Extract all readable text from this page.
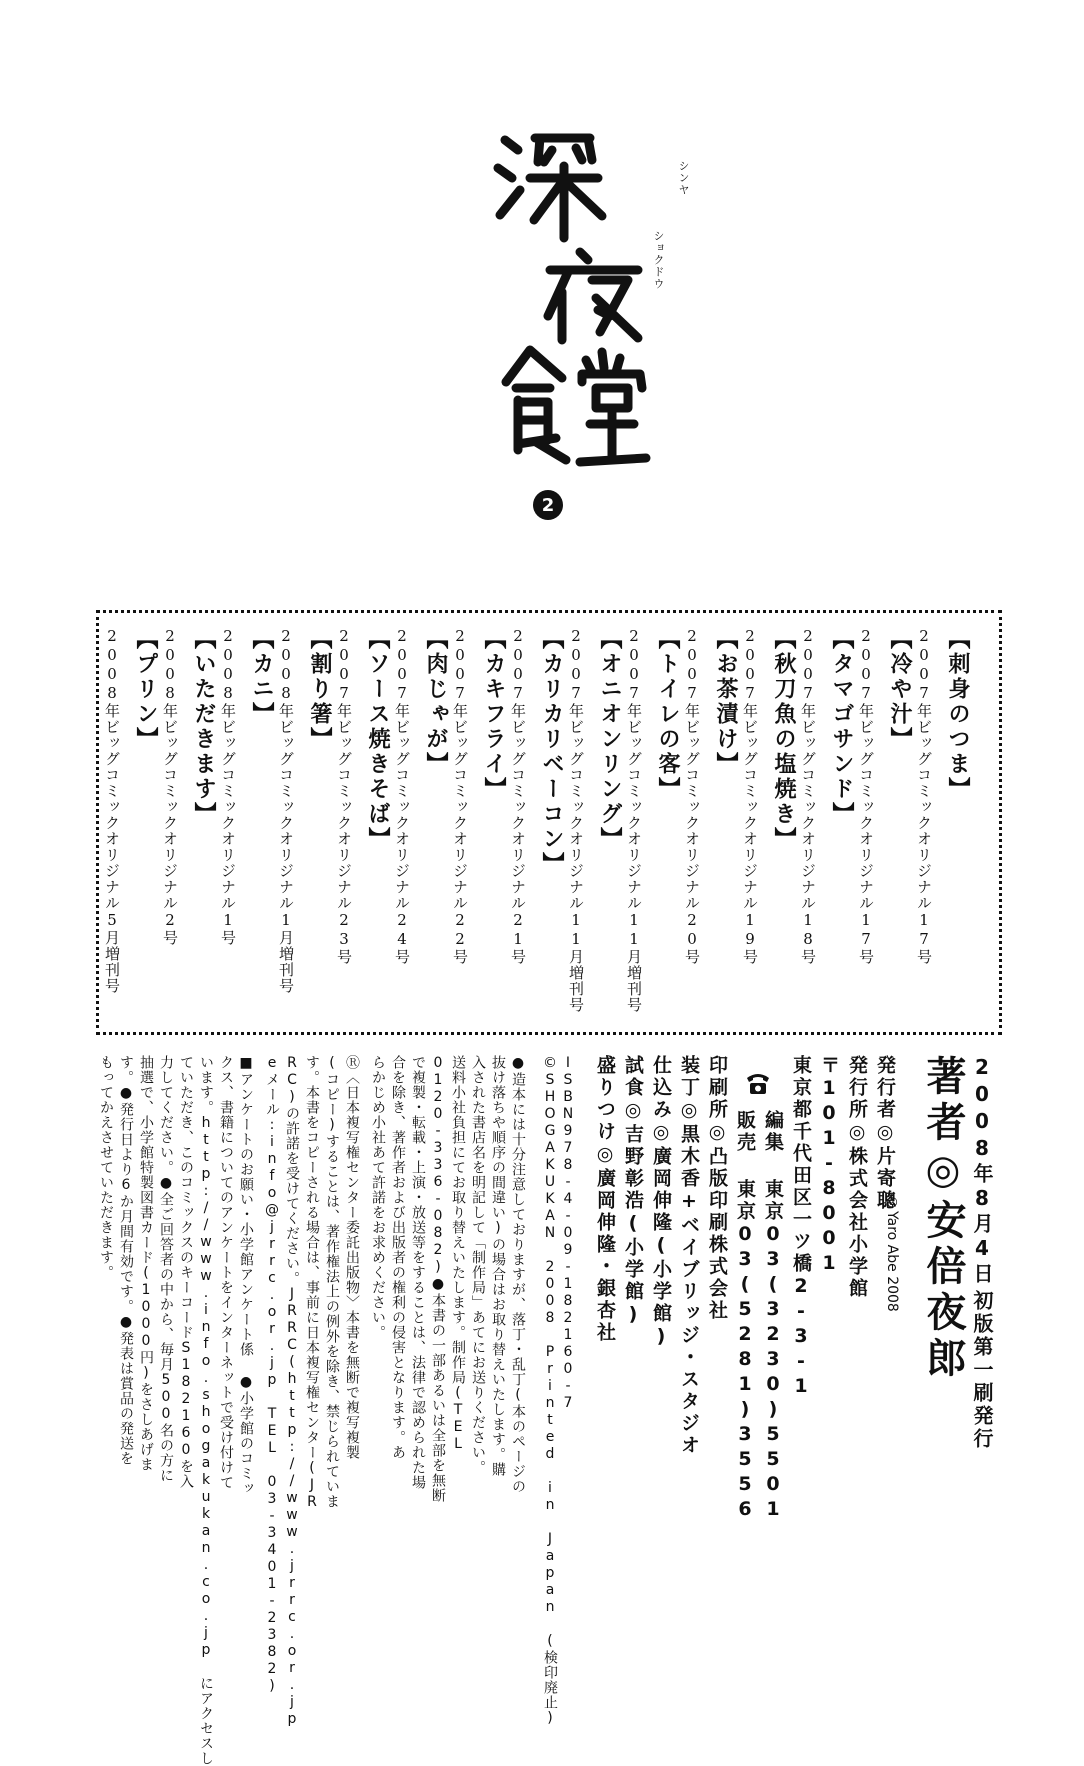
シンヤ
ショクドウ
2
【刺身のつま】
2007年ビッグコミックオリジナル17号
【冷や汁】
2007年ビッグコミックオリジナル17号
【タマゴサンド】
2007年ビッグコミックオリジナル18号
【秋刀魚の塩焼き】
2007年ビッグコミックオリジナル19号
【お茶漬け】
2007年ビッグコミックオリジナル20号
【トイレの客】
2007年ビッグコミックオリジナル11月増刊号
【オニオンリング】
2007年ビッグコミックオリジナル11月増刊号
【カリカリベーコン】
2007年ビッグコミックオリジナル21号
【カキフライ】
2007年ビッグコミックオリジナル22号
【肉じゃが】
2007年ビッグコミックオリジナル24号
【ソース焼きそば】
2007年ビッグコミックオリジナル23号
【割り箸】
2008年ビッグコミックオリジナル1月増刊号
【カニ】
2008年ビッグコミックオリジナル1号
【いただきます】
2008年ビッグコミックオリジナル2号
【プリン】
2008年ビッグコミックオリジナル5月増刊号
2008年8月4日
初版第一刷発行
著者◎安倍夜郎
©Yaro Abe 2008
発行者◎片寄聰
発行所◎株式会社小学館
〒101-8001
東京都千代田区一ツ橋2-3-1
編集 東京03(3230)5501
販売 東京03(5281)3556
印刷所◎凸版印刷株式会社
装丁◎黒木香+ベイブリッジ・スタジオ
仕込み◎廣岡伸隆(小学館)
試食◎吉野彰浩(小学館)
盛りつけ◎廣岡伸隆・銀杏社
ISBN978-4-09-182160-7
©SHOGAKUKAN 2008 Printed in Japan (検印廃止)
●造本には十分注意しておりますが、落丁・乱丁(本のページの
抜け落ちや順序の間違い)の場合はお取り替えいたします。購
入された書店名を明記して「制作局」あてにお送りください。
送料小社負担にてお取り替えいたします。制作局(TEL
0120-336-082)●本書の一部あるいは全部を無断
で複製・転載・上演・放送等をすることは、法律で認められた場
合を除き、著作者および出版者の権利の侵害となります。あ
らかじめ小社あて許諾をお求めください。
Ⓡ〈日本複写権センター委託出版物〉本書を無断で複写複製
(コピー)することは、著作権法上の例外を除き、禁じられていま
す。本書をコピーされる場合は、事前に日本複写権センター(JR
RC)の許諾を受けてください。JRRC(http://www.jrrc.or.jp
eメール:info@jrrc.or.jp TEL 03-3401-2382)
■アンケートのお願い・小学館アンケート係 ●小学館のコミッ
クス、書籍についてのアンケートをインターネットで受け付けて
います。http://www.info.shogakukan.co.jp にアクセスし
ていただき、このコミックスのキーコードS182160を入
力してください。●全ご回答者の中から、毎月500名の方に
抽選で、小学館特製図書カード(1000円)をさしあげま
す。●発行日より6か月間有効です。●発表は賞品の発送を
もってかえさせていただきます。
